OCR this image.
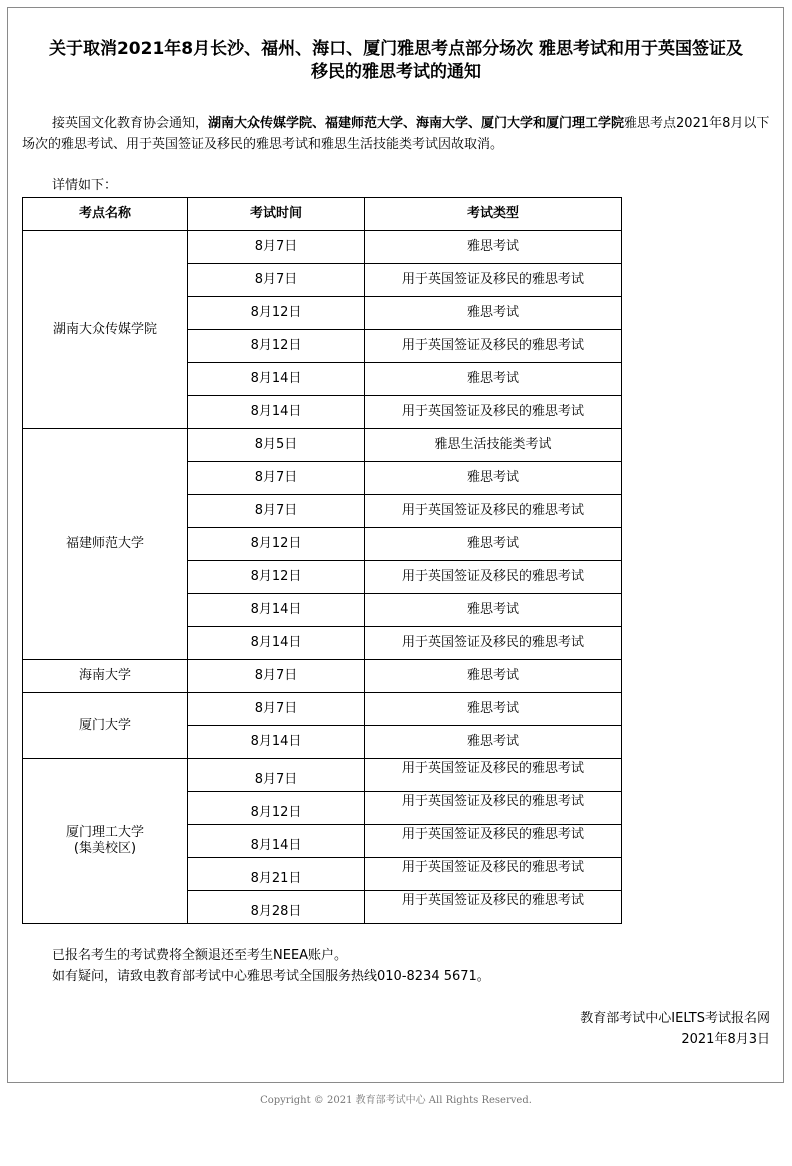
关于取消2021年8月长沙、福州、海口、厦门雅思考点部分场次 雅思考试和用于英国签证及
移民的雅思考试的通知
接英国文化教育协会通知，湖南大众传媒学院、福建师范大学、海南大学、厦门大学和厦门理工学院雅思考点2021年8月以下场次的雅思考试、用于英国签证及移民的雅思考试和雅思生活技能类考试因故取消。
详情如下：
考点名称	考试时间	考试类型

湖南大众传媒学院	8月7日	雅思考试
	8月7日	用于英国签证及移民的雅思考试
	8月12日	雅思考试
	8月12日	用于英国签证及移民的雅思考试
	8月14日	雅思考试
	8月14日	用于英国签证及移民的雅思考试

福建师范大学	8月5日	雅思生活技能类考试
	8月7日	雅思考试
	8月7日	用于英国签证及移民的雅思考试
	8月12日	雅思考试
	8月12日	用于英国签证及移民的雅思考试
	8月14日	雅思考试
	8月14日	用于英国签证及移民的雅思考试

海南大学	8月7日	雅思考试

厦门大学	8月7日	雅思考试
	8月14日	雅思考试

厦门理工大学
(集美校区)	8月7日	用于英国签证及移民的雅思考试
	8月12日	用于英国签证及移民的雅思考试
	8月14日	用于英国签证及移民的雅思考试
	8月21日	用于英国签证及移民的雅思考试
	8月28日	用于英国签证及移民的雅思考试
已报名考生的考试费将全额退还至考生NEEA账户。
如有疑问，请致电教育部考试中心雅思考试全国服务热线010-8234 5671。
教育部考试中心IELTS考试报名网
2021年8月3日
Copyright © 2021 教育部考试中心 All Rights Reserved.
